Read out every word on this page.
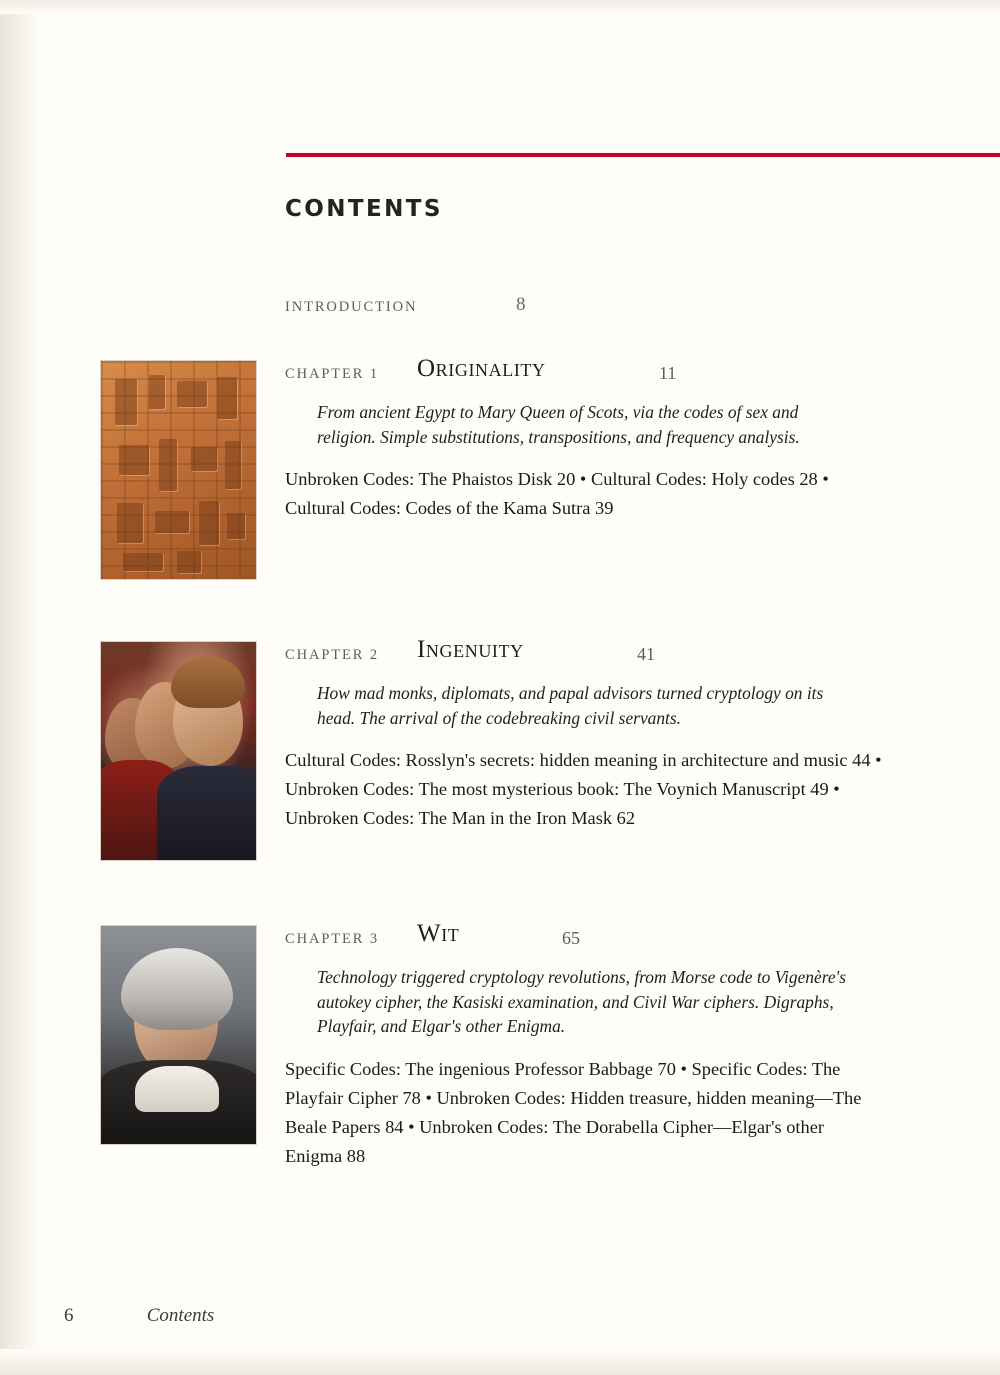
CONTENTS
INTRODUCTION	8
CHAPTER 1 Originality	11
From ancient Egypt to Mary Queen of Scots, via the codes of sex and religion. Simple substitutions, transpositions, and frequency analysis.
Unbroken Codes: The Phaistos Disk 20 • Cultural Codes: Holy codes 28 • Cultural Codes: Codes of the Kama Sutra 39
CHAPTER 2 Ingenuity	41
How mad monks, diplomats, and papal advisors turned cryptology on its head. The arrival of the codebreaking civil servants.
Cultural Codes: Rosslyn's secrets: hidden meaning in architecture and music 44 • Unbroken Codes: The most mysterious book: The Voynich Manuscript 49 • Unbroken Codes: The Man in the Iron Mask 62
CHAPTER 3 Wit	65
Technology triggered cryptology revolutions, from Morse code to Vigenère's autokey cipher, the Kasiski examination, and Civil War ciphers. Digraphs, Playfair, and Elgar's other Enigma.
Specific Codes: The ingenious Professor Babbage 70 • Specific Codes: The Playfair Cipher 78 • Unbroken Codes: Hidden treasure, hidden meaning—The Beale Papers 84 • Unbroken Codes: The Dorabella Cipher—Elgar's other Enigma 88
6	Contents
